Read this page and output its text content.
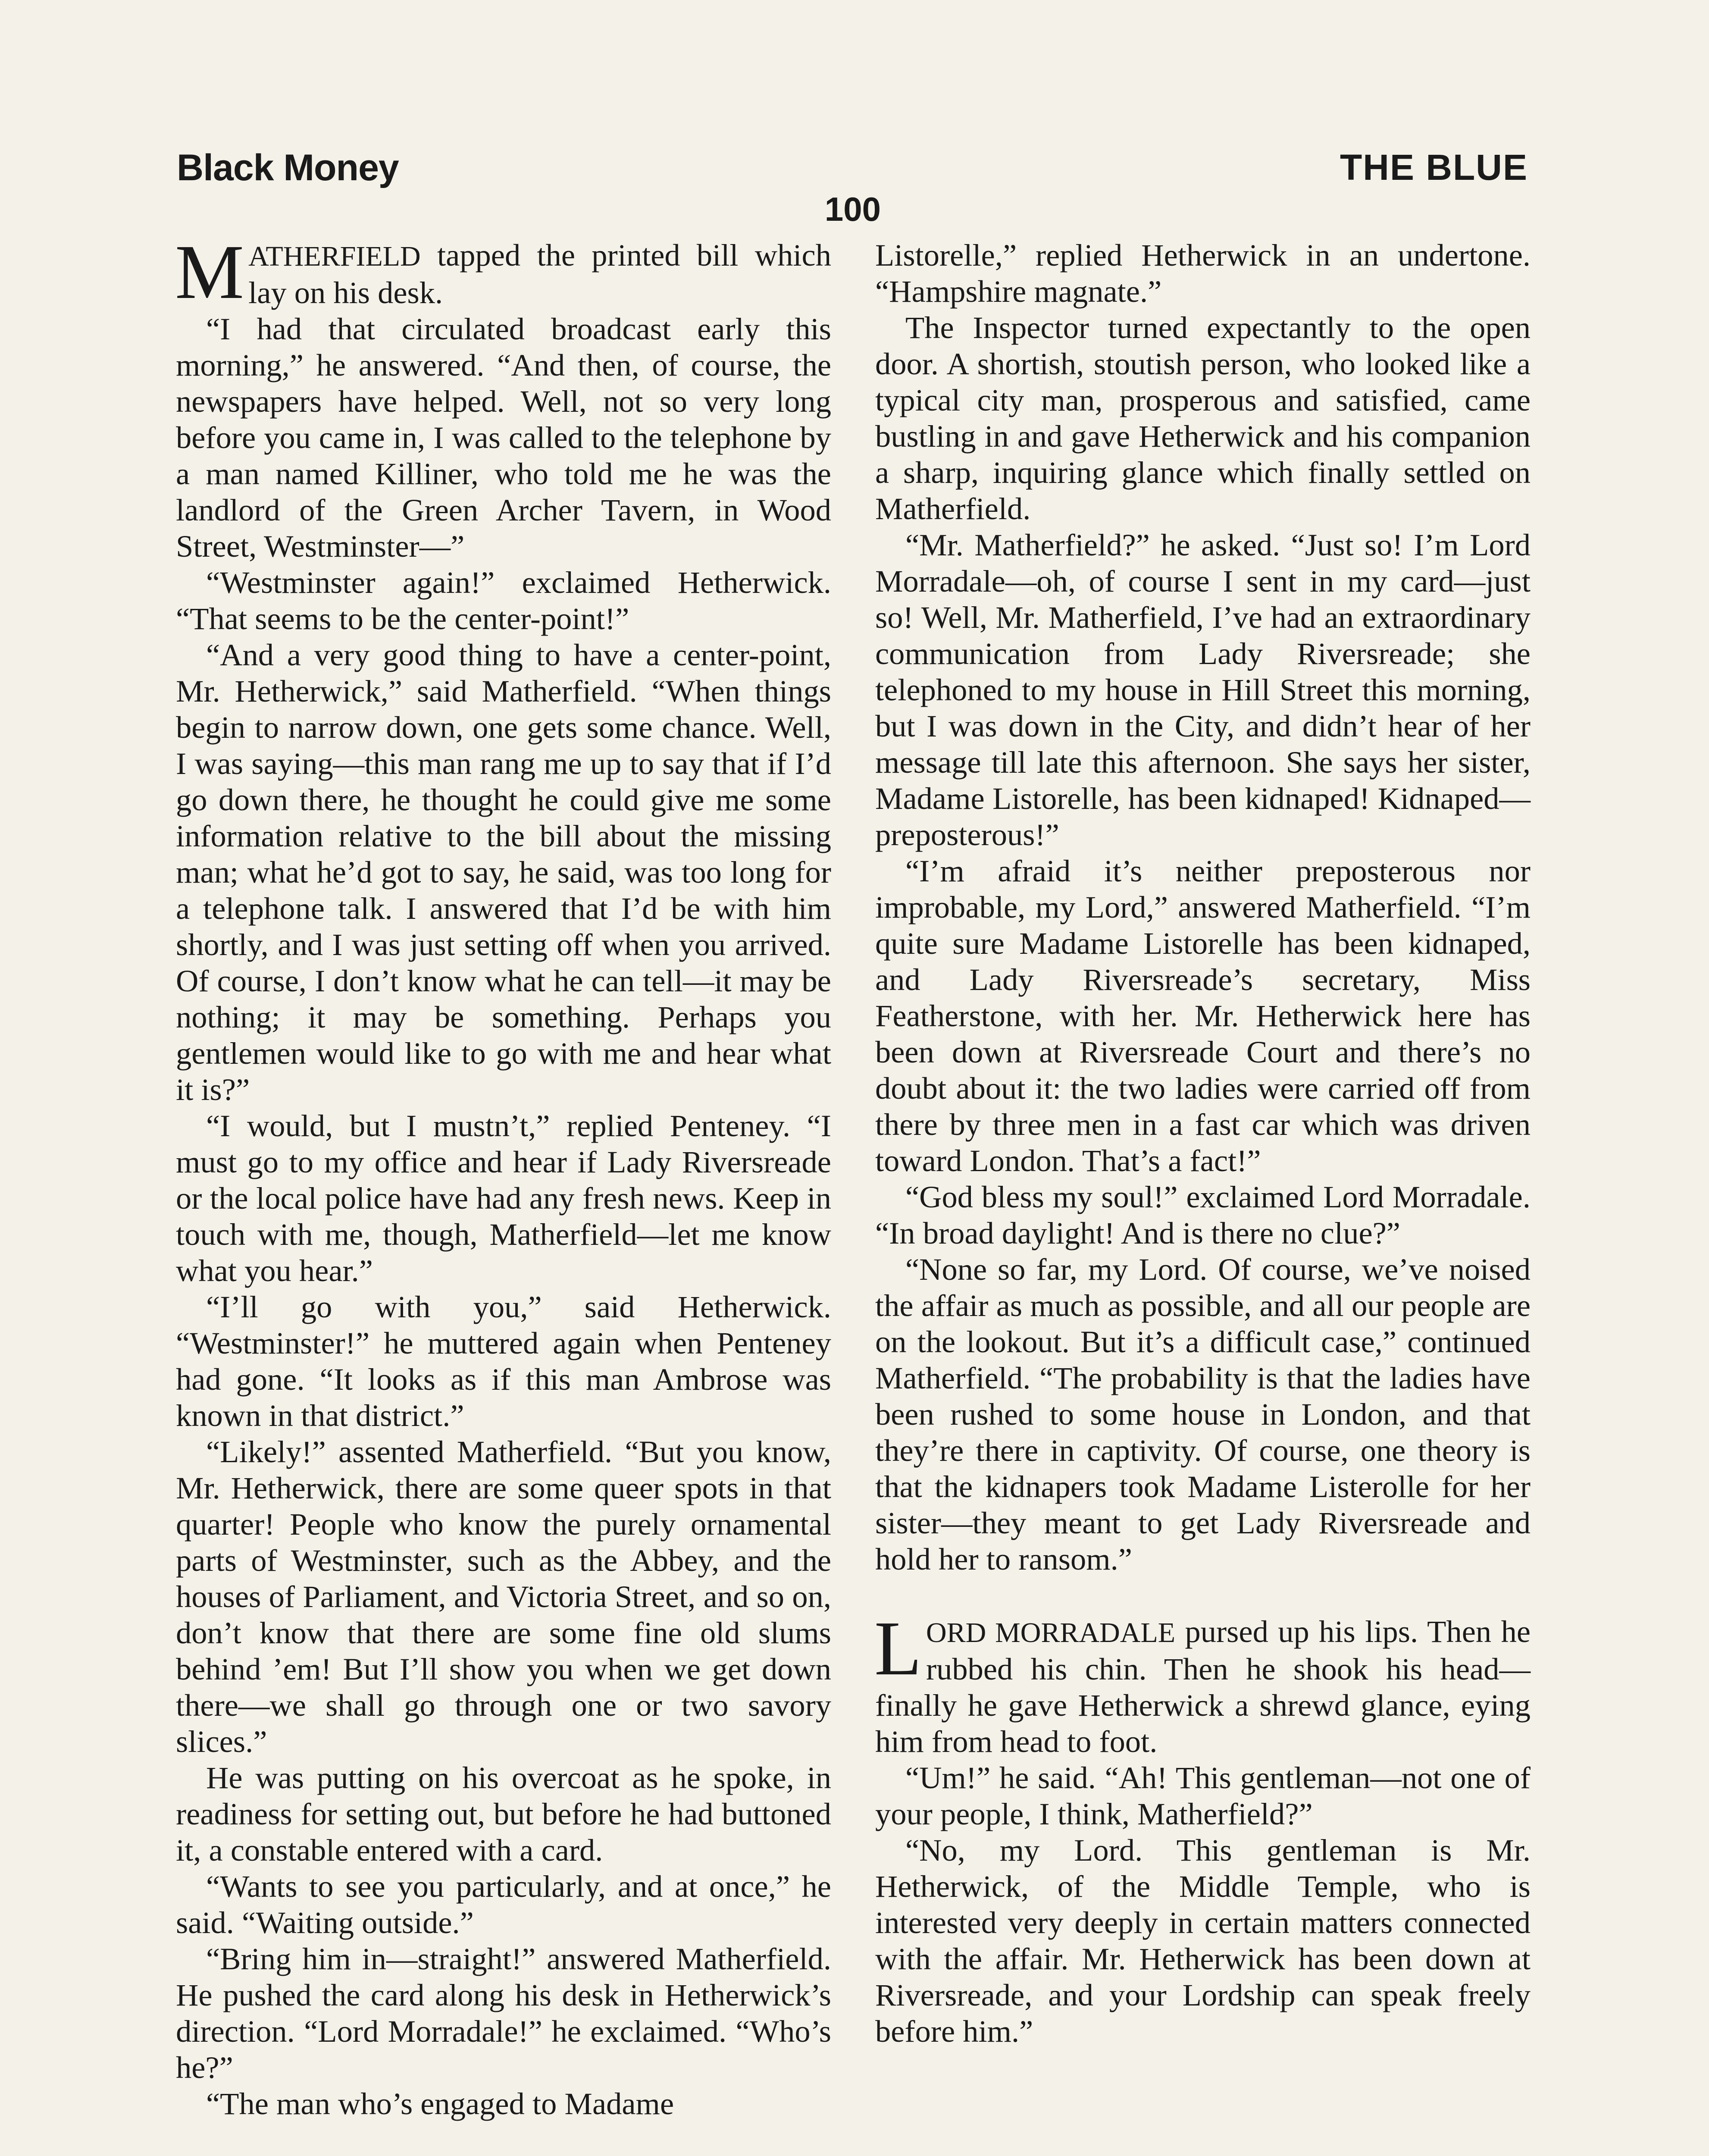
Black Money	THE BLUE
100

MATHERFIELD tapped the printed bill which lay on his desk.

“I had that circulated broadcast early this morning,” he answered. “And then, of course, the newspapers have helped. Well, not so very long before you came in, I was called to the telephone by a man named Killiner, who told me he was the landlord of the Green Archer Tavern, in Wood Street, Westminster—”

“Westminster again!” exclaimed Hetherwick. “That seems to be the center-point!”

“And a very good thing to have a center-point, Mr. Hetherwick,” said Matherfield. “When things begin to narrow down, one gets some chance. Well, I was saying—this man rang me up to say that if I’d go down there, he thought he could give me some information relative to the bill about the missing man; what he’d got to say, he said, was too long for a telephone talk. I answered that I’d be with him shortly, and I was just setting off when you arrived. Of course, I don’t know what he can tell—it may be nothing; it may be something. Perhaps you gentlemen would like to go with me and hear what it is?”

“I would, but I mustn’t,” replied Penteney. “I must go to my office and hear if Lady Riversreade or the local police have had any fresh news. Keep in touch with me, though, Matherfield—let me know what you hear.”

“I’ll go with you,” said Hetherwick. “Westminster!” he muttered again when Penteney had gone. “It looks as if this man Ambrose was known in that district.”

“Likely!” assented Matherfield. “But you know, Mr. Hetherwick, there are some queer spots in that quarter! People who know the purely ornamental parts of Westminster, such as the Abbey, and the houses of Parliament, and Victoria Street, and so on, don’t know that there are some fine old slums behind ’em! But I’ll show you when we get down there—we shall go through one or two savory slices.”

He was putting on his overcoat as he spoke, in readiness for setting out, but before he had buttoned it, a constable entered with a card.

“Wants to see you particularly, and at once,” he said. “Waiting outside.”

“Bring him in—straight!” answered Matherfield. He pushed the card along his desk in Hetherwick’s direction. “Lord Morradale!” he exclaimed. “Who’s he?”

“The man who’s engaged to Madame

Listorelle,” replied Hetherwick in an undertone. “Hampshire magnate.”

The Inspector turned expectantly to the open door. A shortish, stoutish person, who looked like a typical city man, prosperous and satisfied, came bustling in and gave Hetherwick and his companion a sharp, inquiring glance which finally settled on Matherfield.

“Mr. Matherfield?” he asked. “Just so! I’m Lord Morradale—oh, of course I sent in my card—just so! Well, Mr. Matherfield, I’ve had an extraordinary communication from Lady Riversreade; she telephoned to my house in Hill Street this morning, but I was down in the City, and didn’t hear of her message till late this afternoon. She says her sister, Madame Listorelle, has been kidnaped! Kidnaped—preposterous!”

“I’m afraid it’s neither preposterous nor improbable, my Lord,” answered Matherfield. “I’m quite sure Madame Listorelle has been kidnaped, and Lady Riversreade’s secretary, Miss Featherstone, with her. Mr. Hetherwick here has been down at Riversreade Court and there’s no doubt about it: the two ladies were carried off from there by three men in a fast car which was driven toward London. That’s a fact!”

“God bless my soul!” exclaimed Lord Morradale. “In broad daylight! And is there no clue?”

“None so far, my Lord. Of course, we’ve noised the affair as much as possible, and all our people are on the lookout. But it’s a difficult case,” continued Matherfield. “The probability is that the ladies have been rushed to some house in London, and that they’re there in captivity. Of course, one theory is that the kidnapers took Madame Listerolle for her sister—they meant to get Lady Riversreade and hold her to ransom.”

LORD MORRADALE pursed up his lips. Then he rubbed his chin. Then he shook his head—finally he gave Hetherwick a shrewd glance, eying him from head to foot.

“Um!” he said. “Ah! This gentleman—not one of your people, I think, Matherfield?”

“No, my Lord. This gentleman is Mr. Hetherwick, of the Middle Temple, who is interested very deeply in certain matters connected with the affair. Mr. Hetherwick has been down at Riversreade, and your Lordship can speak freely before him.”
